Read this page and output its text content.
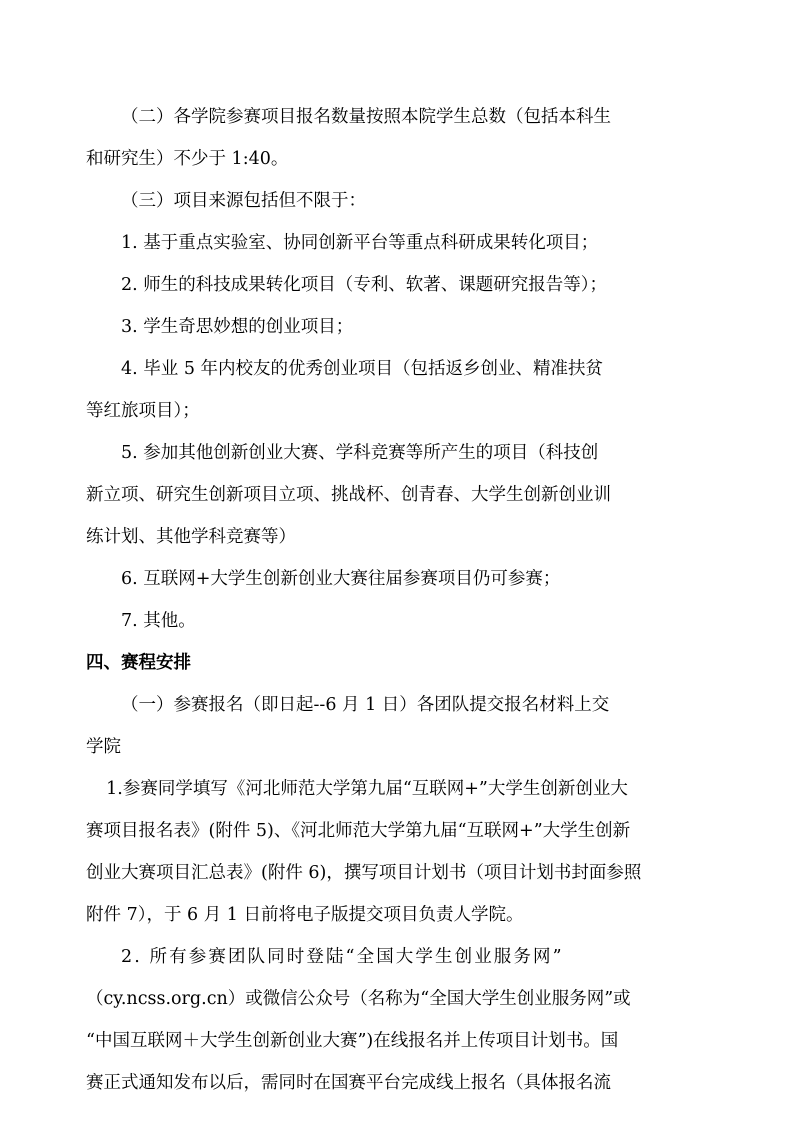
（二）各学院参赛项目报名数量按照本院学生总数（包括本科生

和研究生）不少于 1:40。

（三）项目来源包括但不限于：

1. 基于重点实验室、协同创新平台等重点科研成果转化项目；

2. 师生的科技成果转化项目（专利、软著、课题研究报告等）；

3. 学生奇思妙想的创业项目；

4. 毕业 5 年内校友的优秀创业项目（包括返乡创业、精准扶贫

等红旅项目）；

5. 参加其他创新创业大赛、学科竞赛等所产生的项目（科技创

新立项、研究生创新项目立项、挑战杯、创青春、大学生创新创业训

练计划、其他学科竞赛等）

6. 互联网+大学生创新创业大赛往届参赛项目仍可参赛；

7. 其他。

四、赛程安排

（一）参赛报名（即日起--6 月 1 日）各团队提交报名材料上交

学院

1.参赛同学填写《河北师范大学第九届“互联网+”大学生创新创业大

赛项目报名表》(附件 5)、《河北师范大学第九届“互联网+”大学生创新

创业大赛项目汇总表》(附件 6)，撰写项目计划书（项目计划书封面参照

附件 7），于 6 月 1 日前将电子版提交项目负责人学院。

2. 所有参赛团队同时登陆“全国大学生创业服务网”

（cy.ncss.org.cn）或微信公众号（名称为“全国大学生创业服务网”或

“中国互联网＋大学生创新创业大赛”)在线报名并上传项目计划书。国

赛正式通知发布以后，需同时在国赛平台完成线上报名（具体报名流
